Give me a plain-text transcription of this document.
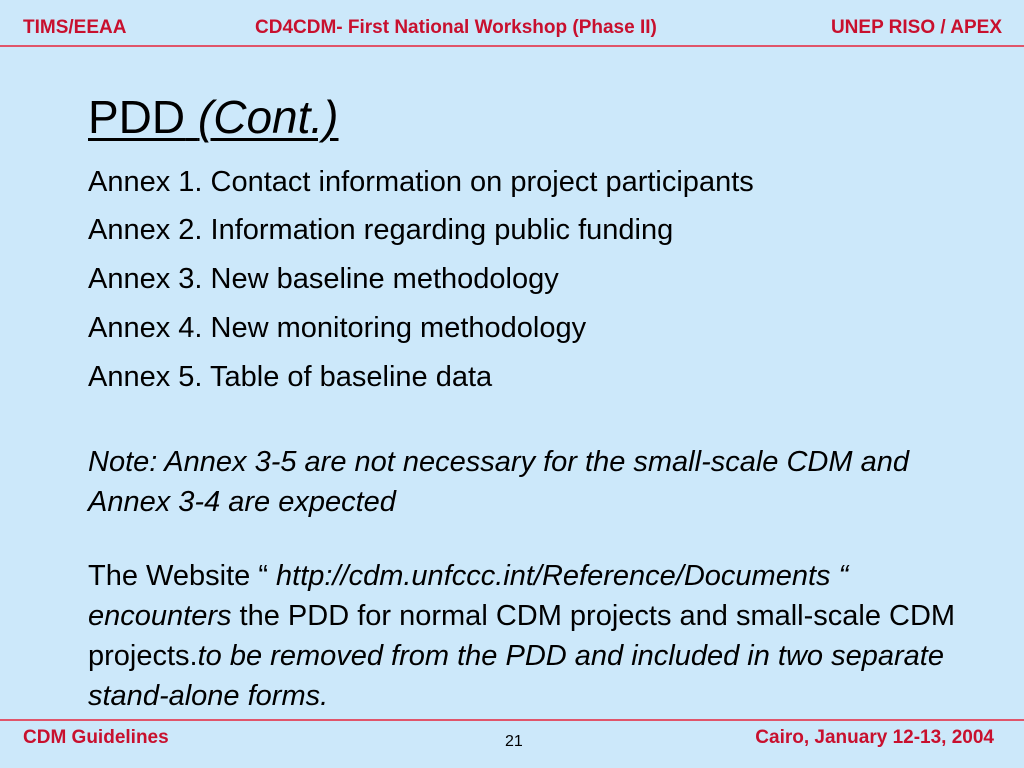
TIMS/EEAA	CD4CDM- First National Workshop (Phase II)	UNEP RISO / APEX
PDD (Cont.)
Annex 1. Contact information on project participants
Annex 2. Information regarding public funding
Annex 3. New baseline methodology
Annex 4. New monitoring methodology
Annex 5. Table of baseline data
Note: Annex 3-5 are not necessary for the small-scale CDM and Annex 3-4 are expected
The Website “ http://cdm.unfccc.int/Reference/Documents “ encounters the PDD for normal CDM projects and small-scale CDM projects.to be removed from the PDD and included in two separate stand-alone forms.
CDM Guidelines	21	Cairo, January 12-13, 2004
